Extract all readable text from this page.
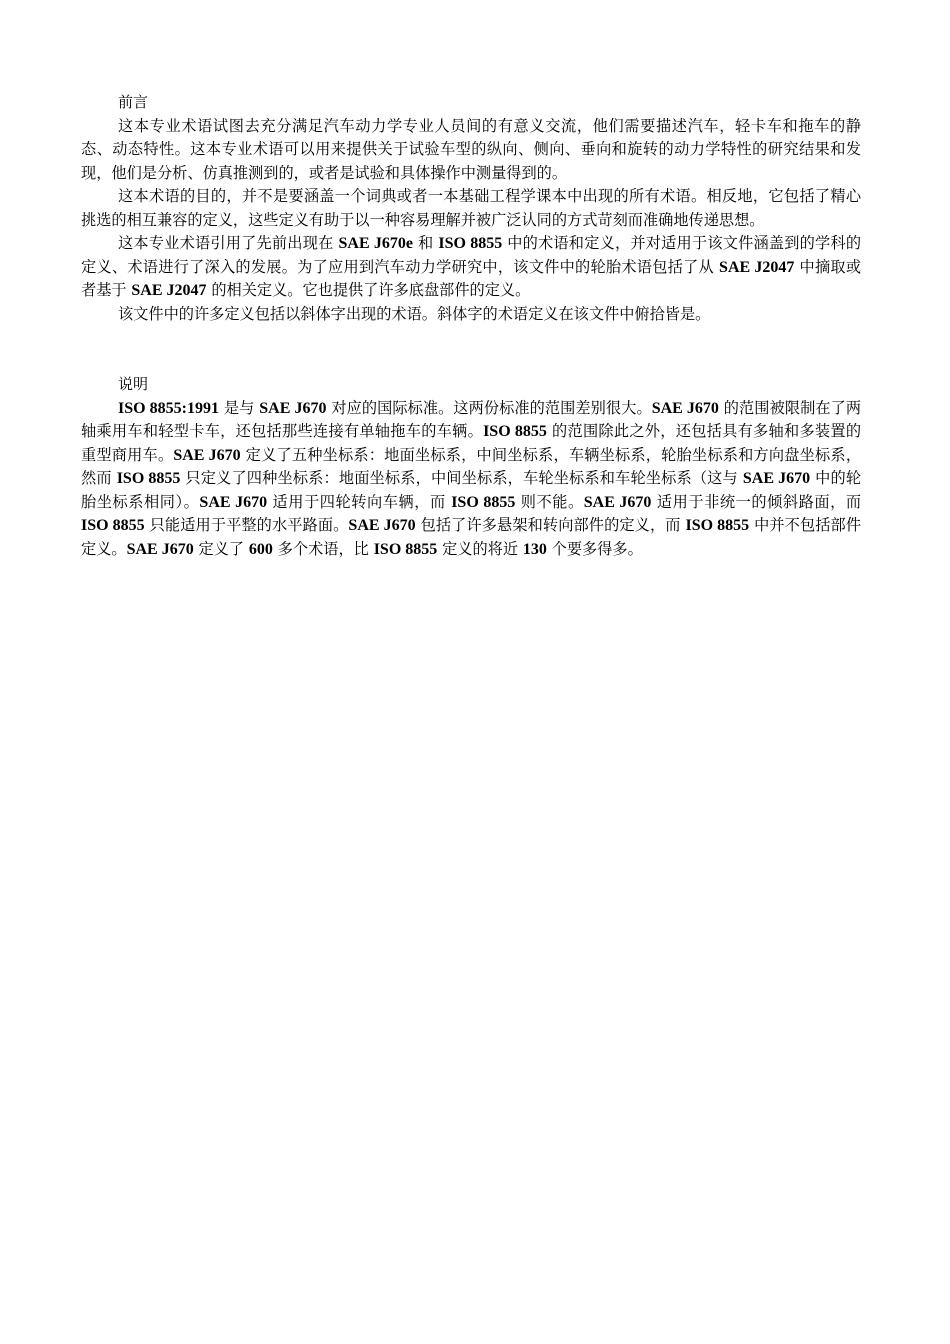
前言

这本专业术语试图去充分满足汽车动力学专业人员间的有意义交流，他们需要描述汽车，轻卡车和拖车的静态、动态特性。这本专业术语可以用来提供关于试验车型的纵向、侧向、垂向和旋转的动力学特性的研究结果和发现，他们是分析、仿真推测到的，或者是试验和具体操作中测量得到的。

这本术语的目的，并不是要涵盖一个词典或者一本基础工程学课本中出现的所有术语。相反地，它包括了精心挑选的相互兼容的定义，这些定义有助于以一种容易理解并被广泛认同的方式苛刻而准确地传递思想。

这本专业术语引用了先前出现在 SAE J670e 和 ISO 8855 中的术语和定义，并对适用于该文件涵盖到的学科的定义、术语进行了深入的发展。为了应用到汽车动力学研究中，该文件中的轮胎术语包括了从 SAE J2047 中摘取或者基于 SAE J2047 的相关定义。它也提供了许多底盘部件的定义。

该文件中的许多定义包括以斜体字出现的术语。斜体字的术语定义在该文件中俯拾皆是。

说明

ISO 8855:1991 是与 SAE J670 对应的国际标准。这两份标准的范围差别很大。SAE J670 的范围被限制在了两轴乘用车和轻型卡车，还包括那些连接有单轴拖车的车辆。ISO 8855 的范围除此之外，还包括具有多轴和多装置的重型商用车。SAE J670 定义了五种坐标系：地面坐标系，中间坐标系，车辆坐标系，轮胎坐标系和方向盘坐标系，然而 ISO 8855 只定义了四种坐标系：地面坐标系，中间坐标系，车轮坐标系和车轮坐标系（这与 SAE J670 中的轮胎坐标系相同）。SAE J670 适用于四轮转向车辆，而 ISO 8855 则不能。SAE J670 适用于非统一的倾斜路面，而 ISO 8855 只能适用于平整的水平路面。SAE J670 包括了许多悬架和转向部件的定义，而 ISO 8855 中并不包括部件定义。SAE J670 定义了 600 多个术语，比 ISO 8855 定义的将近 130 个要多得多。
